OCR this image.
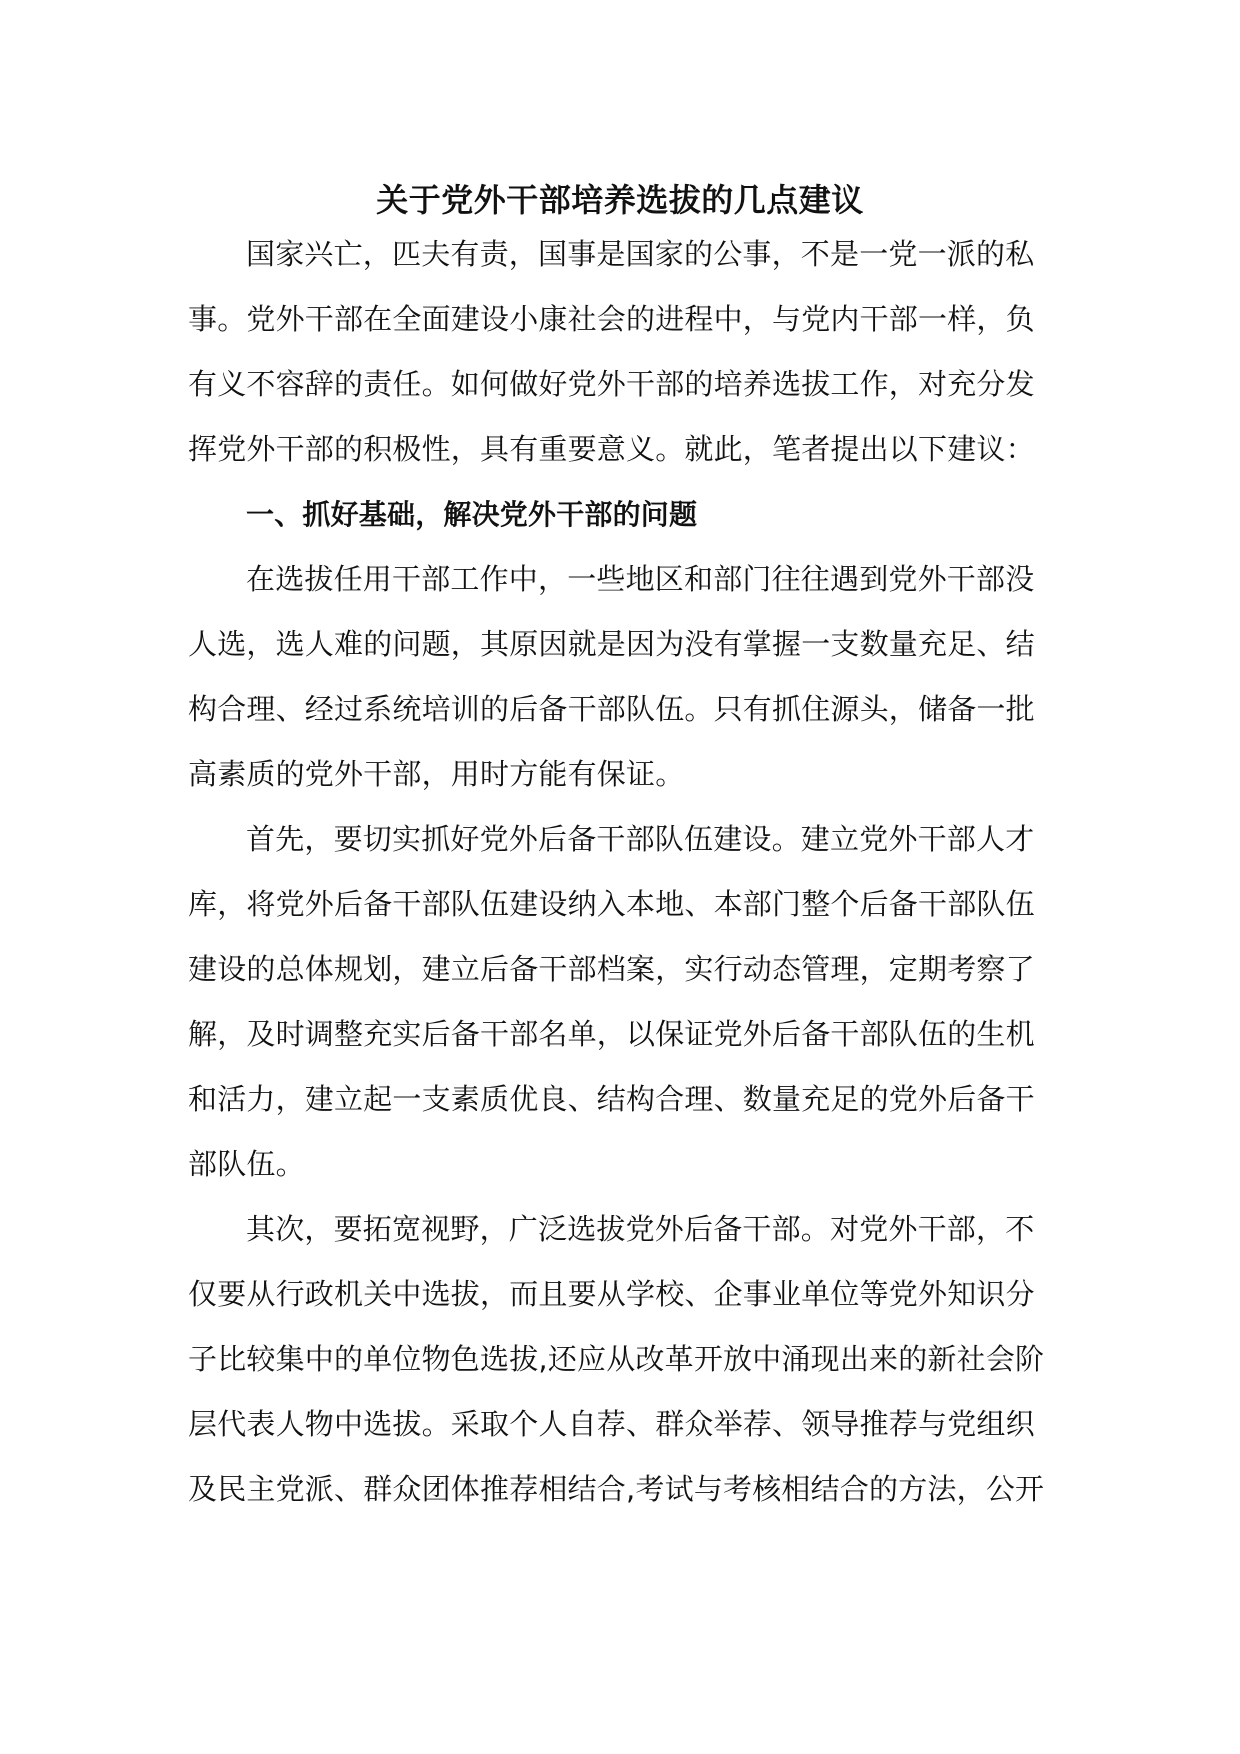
关于党外干部培养选拔的几点建议
国家兴亡，匹夫有责，国事是国家的公事，不是一党一派的私
事。党外干部在全面建设小康社会的进程中，与党内干部一样，负
有义不容辞的责任。如何做好党外干部的培养选拔工作，对充分发
挥党外干部的积极性，具有重要意义。就此，笔者提出以下建议：
一、抓好基础，解决党外干部的问题
在选拔任用干部工作中，一些地区和部门往往遇到党外干部没
人选，选人难的问题，其原因就是因为没有掌握一支数量充足、结
构合理、经过系统培训的后备干部队伍。只有抓住源头，储备一批
高素质的党外干部，用时方能有保证。
首先，要切实抓好党外后备干部队伍建设。建立党外干部人才
库，将党外后备干部队伍建设纳入本地、本部门整个后备干部队伍
建设的总体规划，建立后备干部档案，实行动态管理，定期考察了
解，及时调整充实后备干部名单，以保证党外后备干部队伍的生机
和活力，建立起一支素质优良、结构合理、数量充足的党外后备干
部队伍。
其次，要拓宽视野，广泛选拔党外后备干部。对党外干部，不
仅要从行政机关中选拔，而且要从学校、企事业单位等党外知识分
子比较集中的单位物色选拔,还应从改革开放中涌现出来的新社会阶
层代表人物中选拔。采取个人自荐、群众举荐、领导推荐与党组织
及民主党派、群众团体推荐相结合,考试与考核相结合的方法，公开
